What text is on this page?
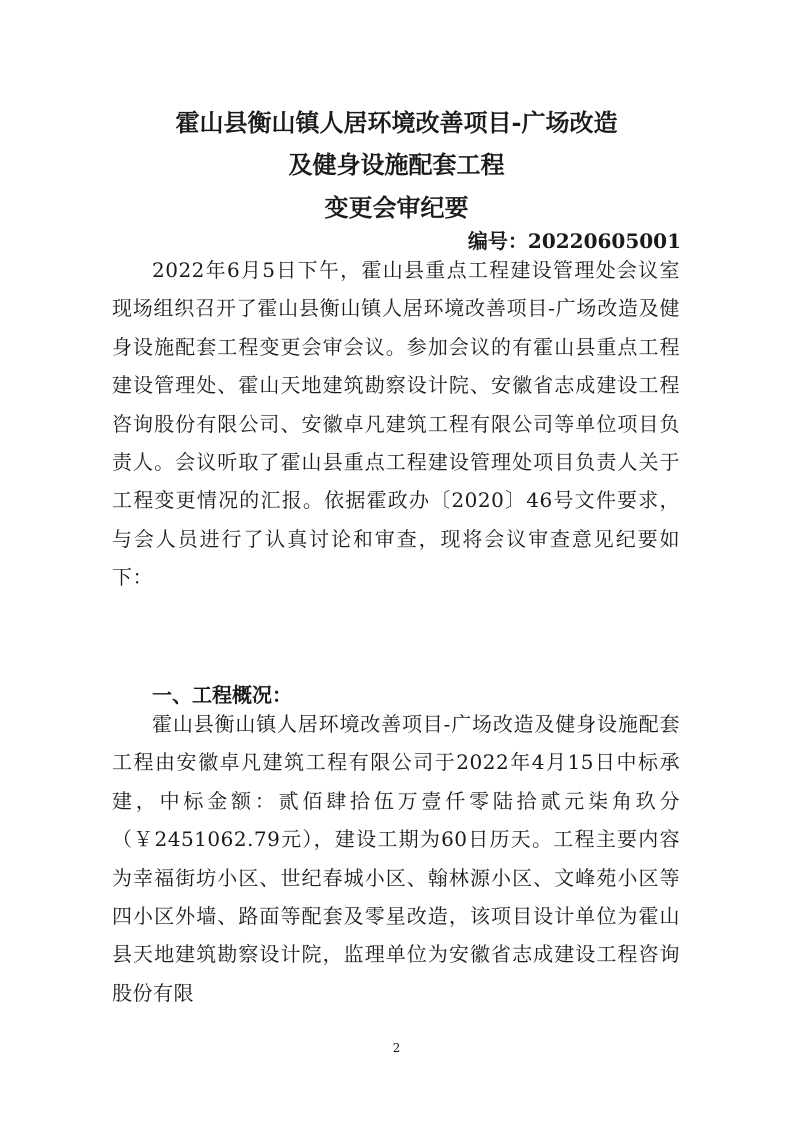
霍山县衡山镇人居环境改善项目-广场改造
及健身设施配套工程
变更会审纪要
编号：20220605001

2022年6月5日下午，霍山县重点工程建设管理处会议室现场组织召开了霍山县衡山镇人居环境改善项目-广场改造及健身设施配套工程变更会审会议。参加会议的有霍山县重点工程建设管理处、霍山天地建筑勘察设计院、安徽省志成建设工程咨询股份有限公司、安徽卓凡建筑工程有限公司等单位项目负责人。会议听取了霍山县重点工程建设管理处项目负责人关于工程变更情况的汇报。依据霍政办〔2020〕46号文件要求，与会人员进行了认真讨论和审查，现将会议审查意见纪要如下：

一、工程概况：

霍山县衡山镇人居环境改善项目-广场改造及健身设施配套工程由安徽卓凡建筑工程有限公司于2022年4月15日中标承建，中标金额：贰佰肆拾伍万壹仟零陆拾贰元柒角玖分（￥2451062.79元），建设工期为60日历天。工程主要内容为幸福街坊小区、世纪春城小区、翰林源小区、文峰苑小区等四小区外墙、路面等配套及零星改造，该项目设计单位为霍山县天地建筑勘察设计院，监理单位为安徽省志成建设工程咨询股份有限

2
